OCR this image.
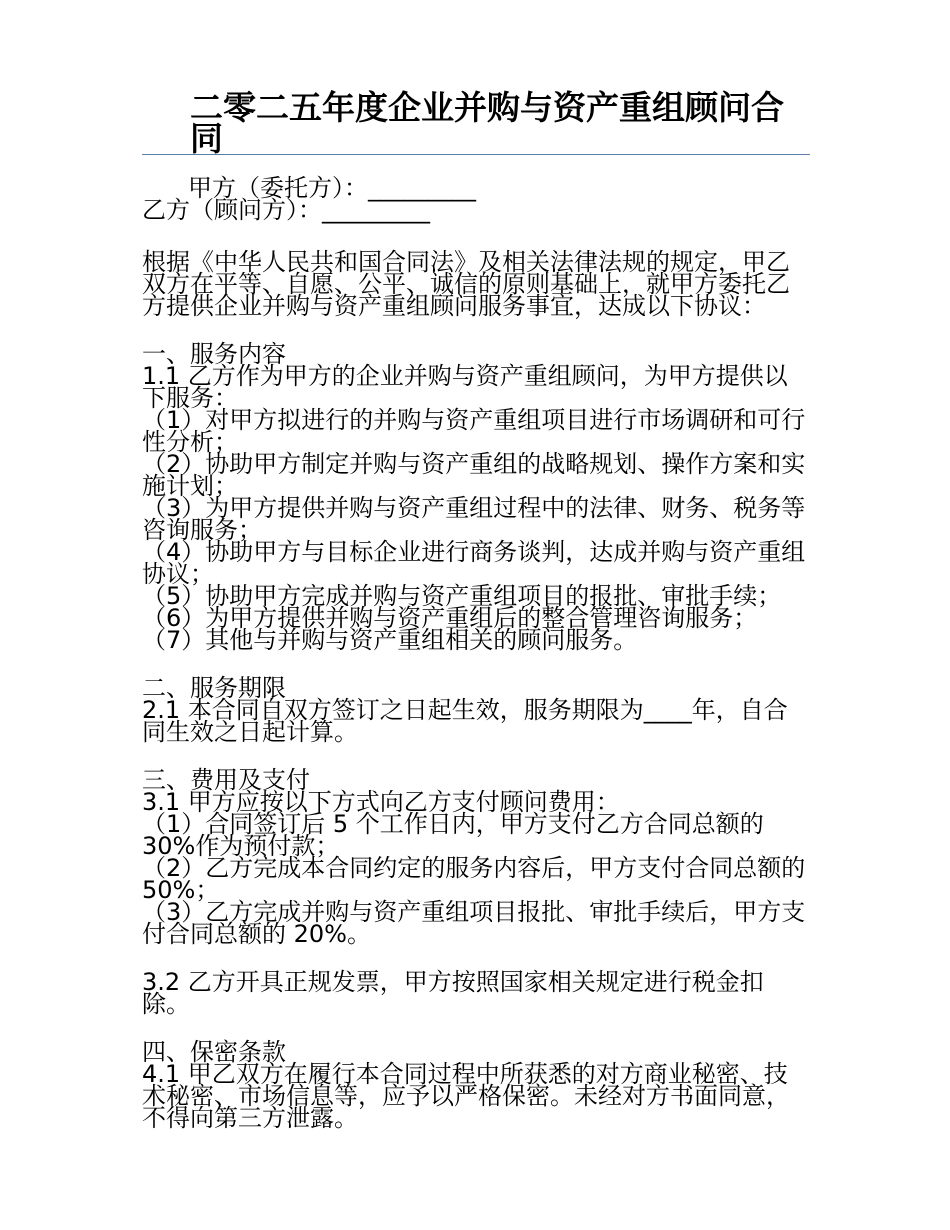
二零二五年度企业并购与资产重组顾问合同
甲方（委托方）：_________
乙方（顾问方）：_________

根据《中华人民共和国合同法》及相关法律法规的规定，甲乙双方在平等、自愿、公平、诚信的原则基础上，就甲方委托乙方提供企业并购与资产重组顾问服务事宜，达成以下协议：

一、服务内容

1.1 乙方作为甲方的企业并购与资产重组顾问，为甲方提供以下服务：

（1）对甲方拟进行的并购与资产重组项目进行市场调研和可行性分析；

（2）协助甲方制定并购与资产重组的战略规划、操作方案和实施计划；

（3）为甲方提供并购与资产重组过程中的法律、财务、税务等咨询服务；

（4）协助甲方与目标企业进行商务谈判，达成并购与资产重组协议；

（5）协助甲方完成并购与资产重组项目的报批、审批手续；

（6）为甲方提供并购与资产重组后的整合管理咨询服务；

（7）其他与并购与资产重组相关的顾问服务。

二、服务期限

2.1 本合同自双方签订之日起生效，服务期限为____年，自合同生效之日起计算。

三、费用及支付

3.1 甲方应按以下方式向乙方支付顾问费用：

（1）合同签订后 5 个工作日内，甲方支付乙方合同总额的 30%作为预付款；

（2）乙方完成本合同约定的服务内容后，甲方支付合同总额的 50%；

（3）乙方完成并购与资产重组项目报批、审批手续后，甲方支付合同总额的 20%。

3.2 乙方开具正规发票，甲方按照国家相关规定进行税金扣除。

四、保密条款

4.1 甲乙双方在履行本合同过程中所获悉的对方商业秘密、技术秘密、市场信息等，应予以严格保密。未经对方书面同意，不得向第三方泄露。
